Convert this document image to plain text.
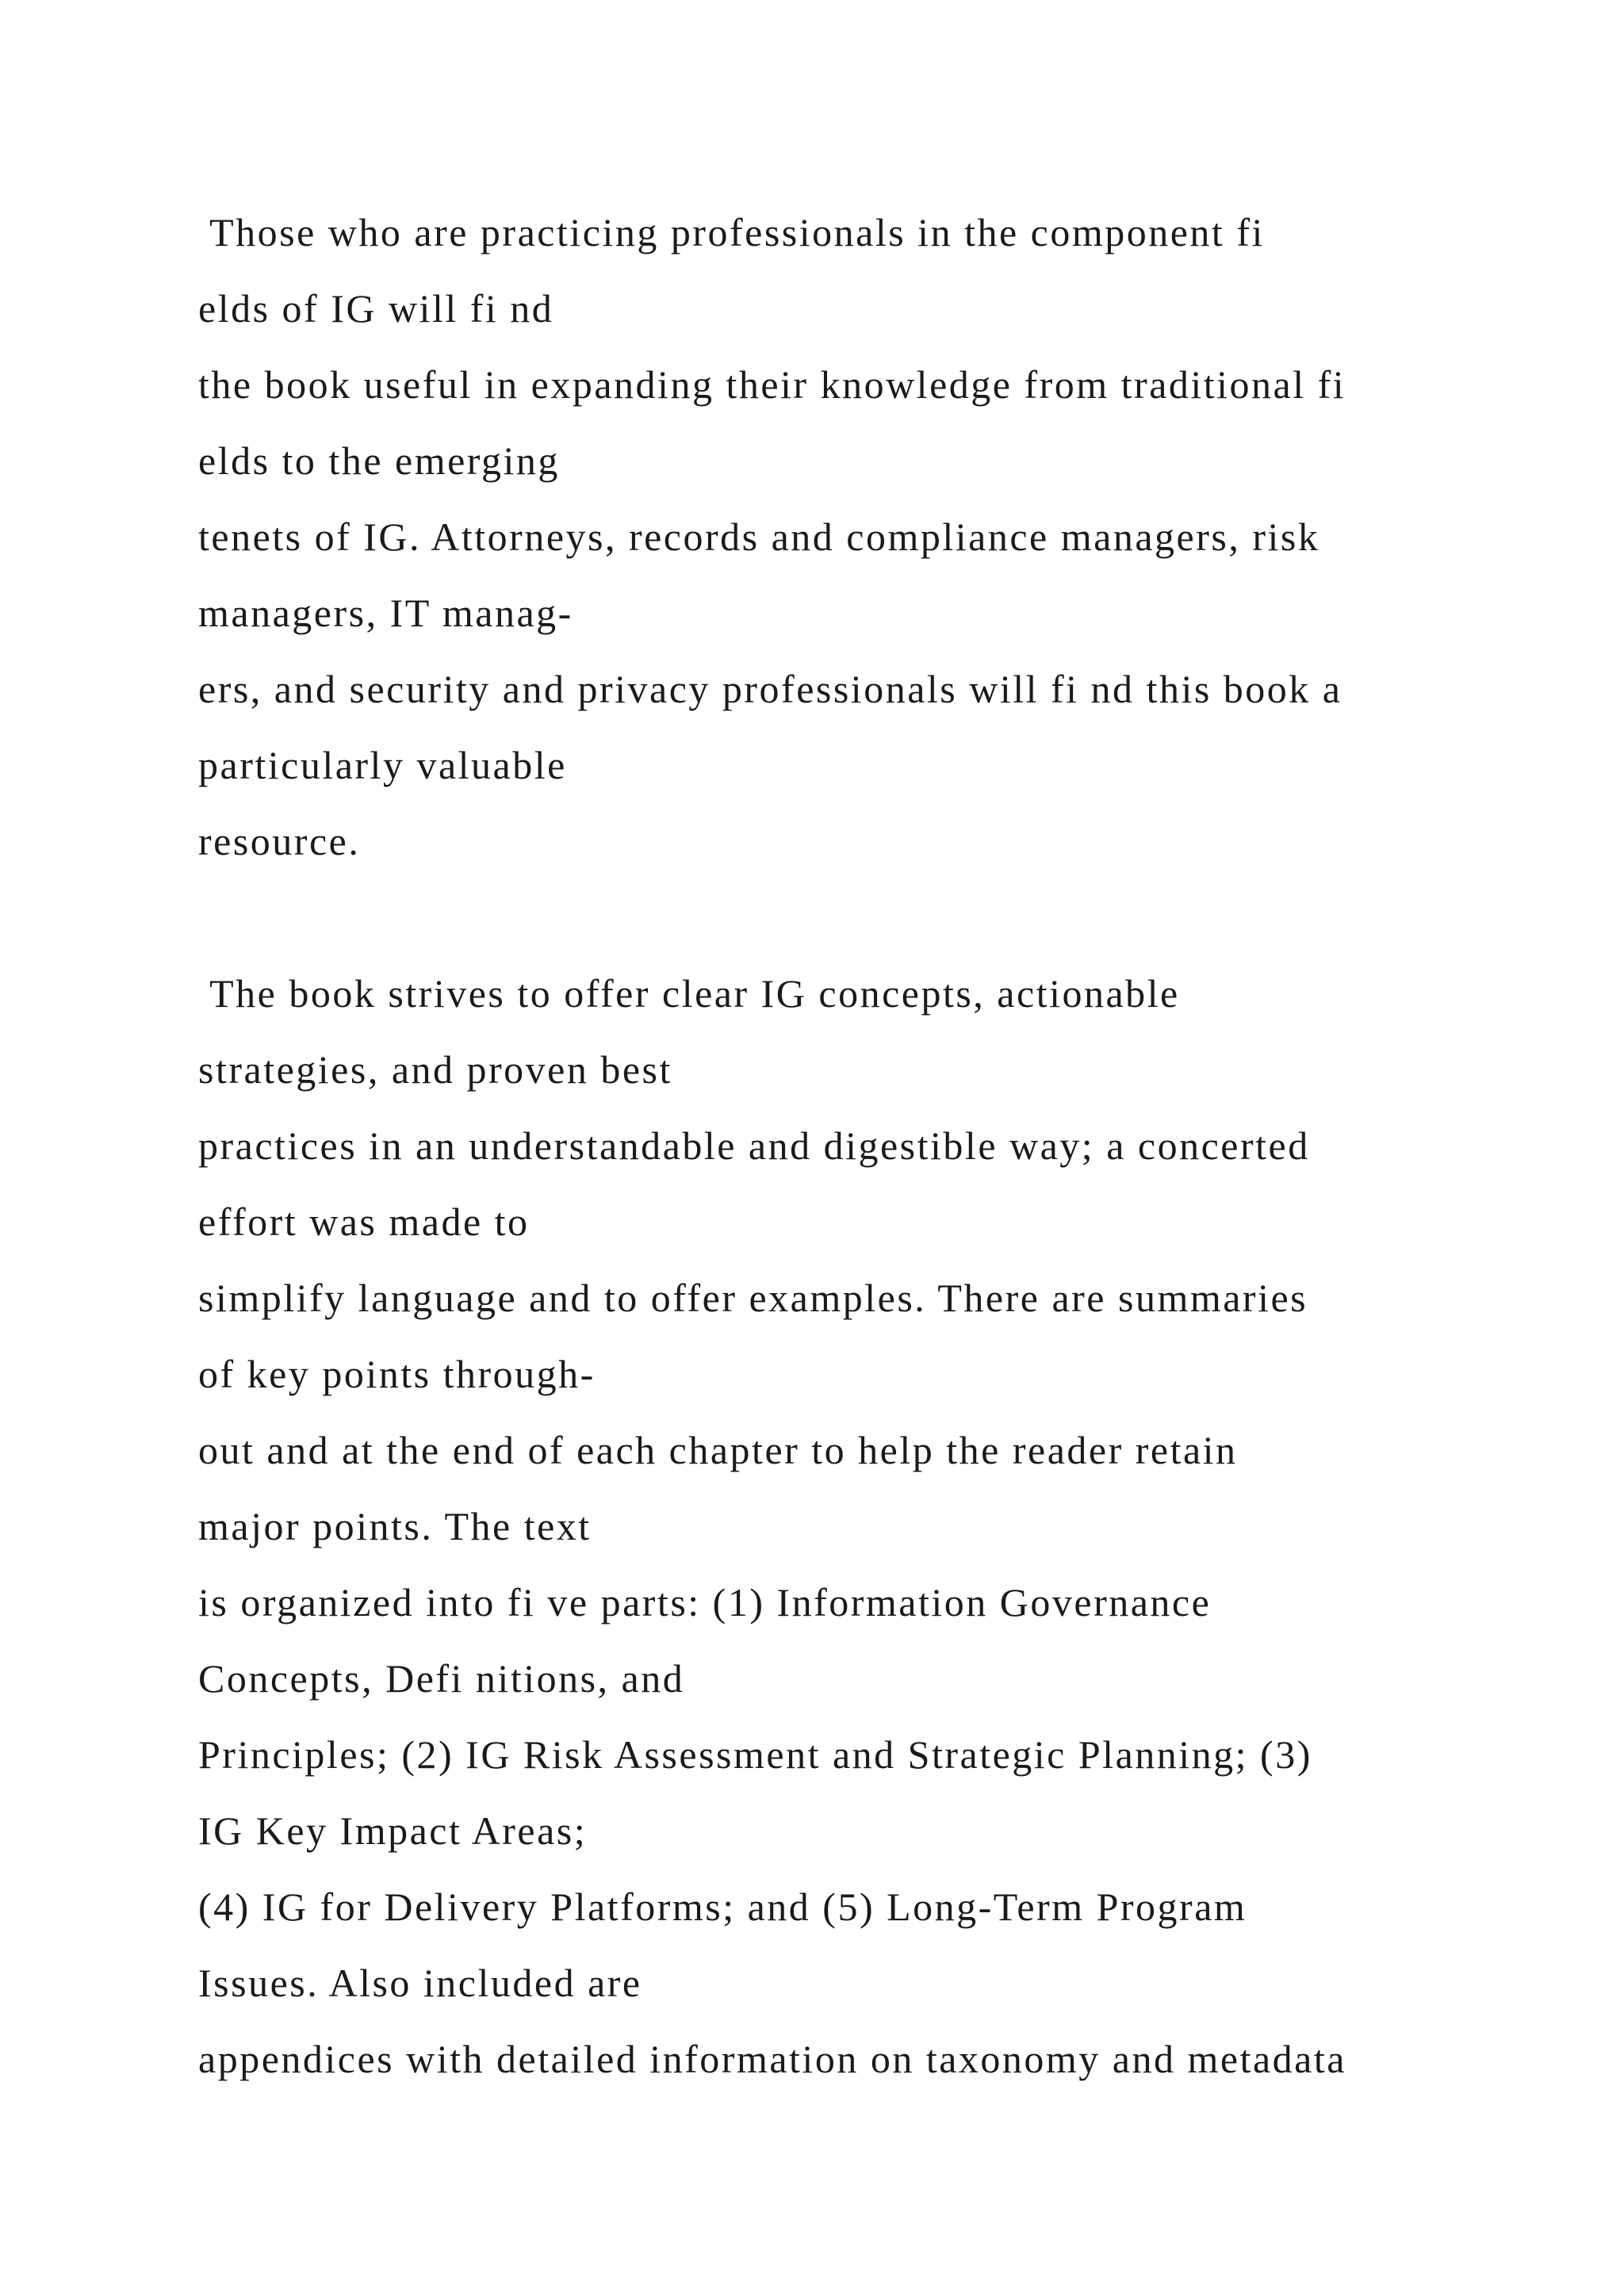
Those who are practicing professionals in the component fi
elds of IG will fi nd
the book useful in expanding their knowledge from traditional fi
elds to the emerging
tenets of IG. Attorneys, records and compliance managers, risk
managers, IT manag-
ers, and security and privacy professionals will fi nd this book a
particularly valuable
resource.
The book strives to offer clear IG concepts, actionable
strategies, and proven best
practices in an understandable and digestible way; a concerted
effort was made to
simplify language and to offer examples. There are summaries
of key points through-
out and at the end of each chapter to help the reader retain
major points. The text
is organized into fi ve parts: (1) Information Governance
Concepts, Defi nitions, and
Principles; (2) IG Risk Assessment and Strategic Planning; (3)
IG Key Impact Areas;
(4) IG for Delivery Platforms; and (5) Long-Term Program
Issues. Also included are
appendices with detailed information on taxonomy and metadata
